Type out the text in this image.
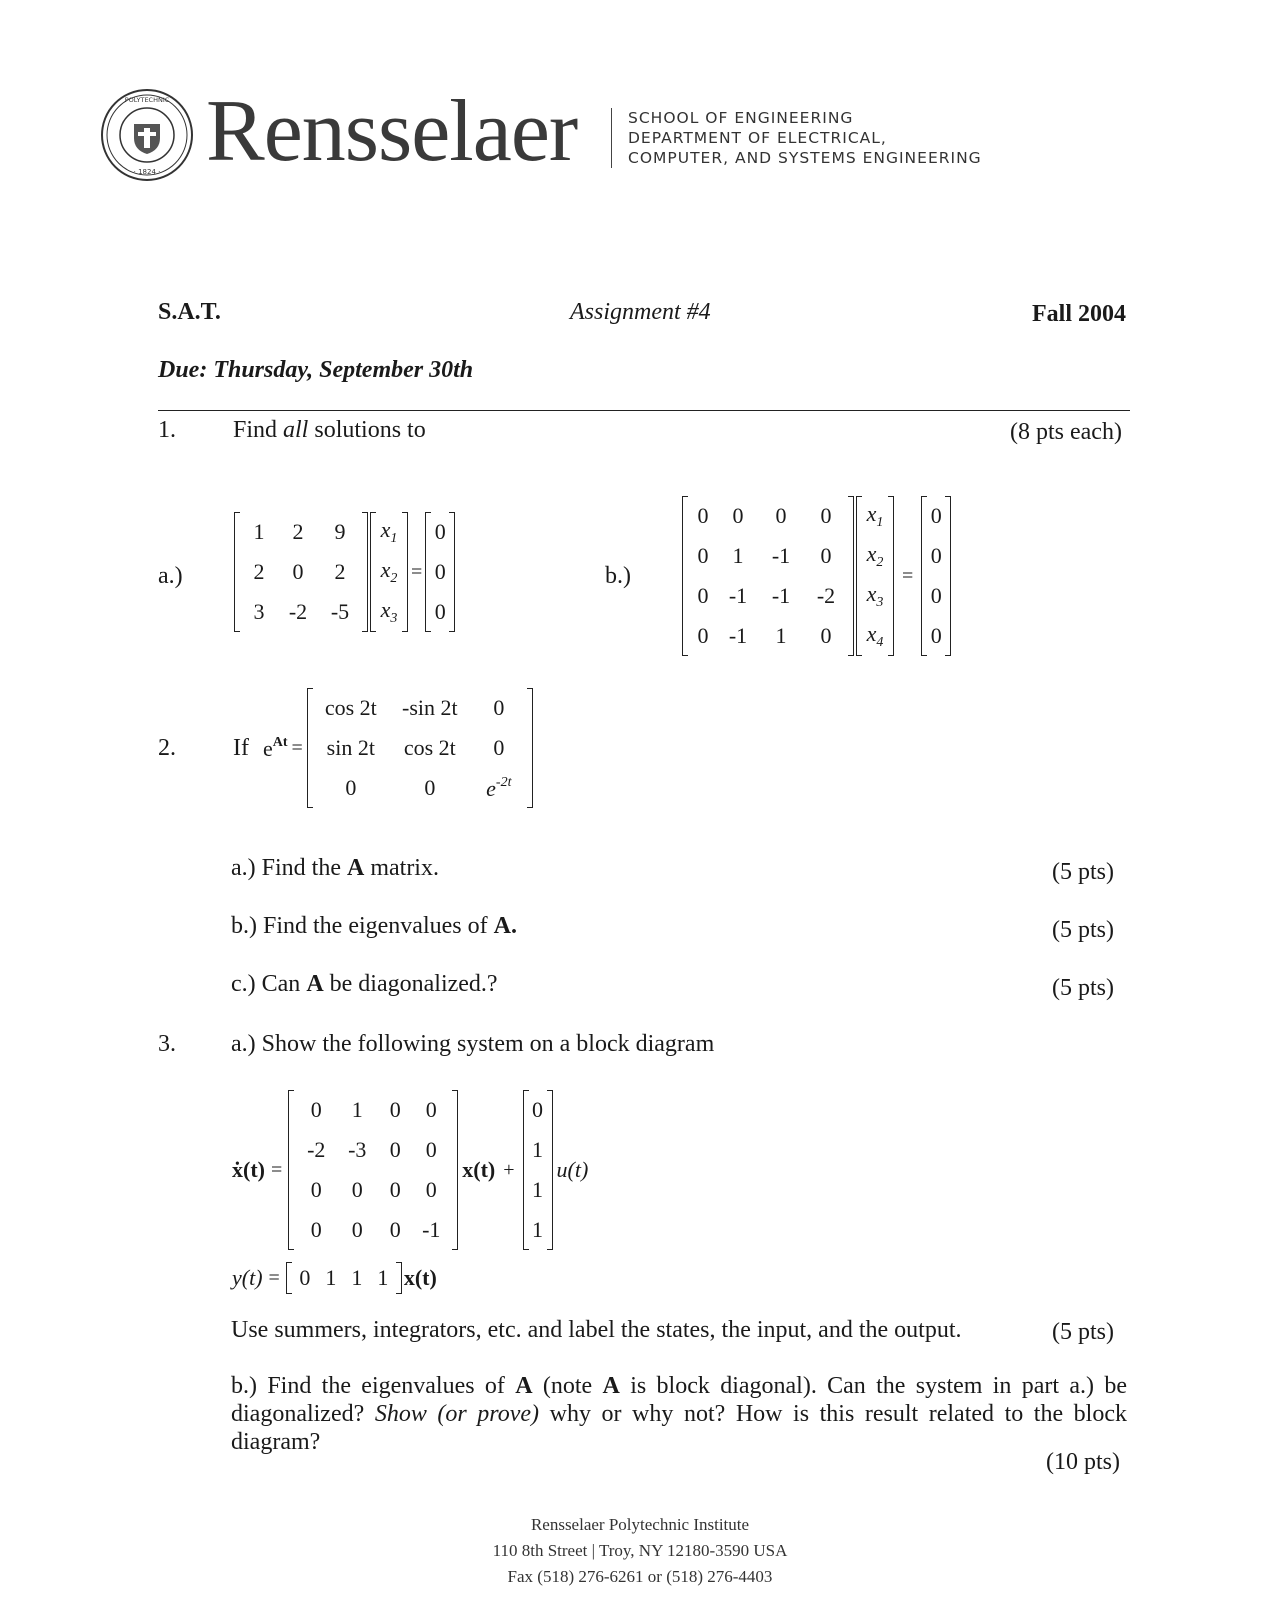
· 1824 ·
POLYTECHNIC Rensselaer	SCHOOL OF ENGINEERING
DEPARTMENT OF ELECTRICAL,
COMPUTER, AND SYSTEMS ENGINEERING
S.A.T.	Assignment #4	Fall 2004
Due: Thursday, September 30th
1. Find all solutions to	(8 pts each)
a.)
1	2	9
2	0	2
3	-2	-5
$x_1$
$x_2$
$x_3$
=
0
0
0
b.)
0	0	0	0
0	1	-1	0
0	-1	-1	-2
0	-1	1	0
$x_1$
$x_2$
$x_3$
$x_4$
=
0
0
0
0
2. If $e^{At}$ =
cos 2t	-sin 2t	0
sin 2t	cos 2t	0
0	0	$e^{-2t}$
a.) Find the A matrix.	(5 pts)
b.) Find the eigenvalues of A.	(5 pts)
c.) Can A be diagonalized.?	(5 pts)
3. a.) Show the following system on a block diagram
ẋ(t) =
0	1	0	0
-2	-3	0	0
0	0	0	0
0	0	0	-1
x(t) +
0
1
1
1
u(t)
y(t) = 0	1	1	1 x(t)
Use summers, integrators, etc. and label the states, the input, and the output.	(5 pts)
b.) Find the eigenvalues of A (note A is block diagonal). Can the system in part a.) be diagonalized? Show (or prove) why or why not? How is this result related to the block diagram?
(10 pts)
Rensselaer Polytechnic Institute
110 8th Street | Troy, NY 12180-3590 USA
Fax (518) 276-6261 or (518) 276-4403
